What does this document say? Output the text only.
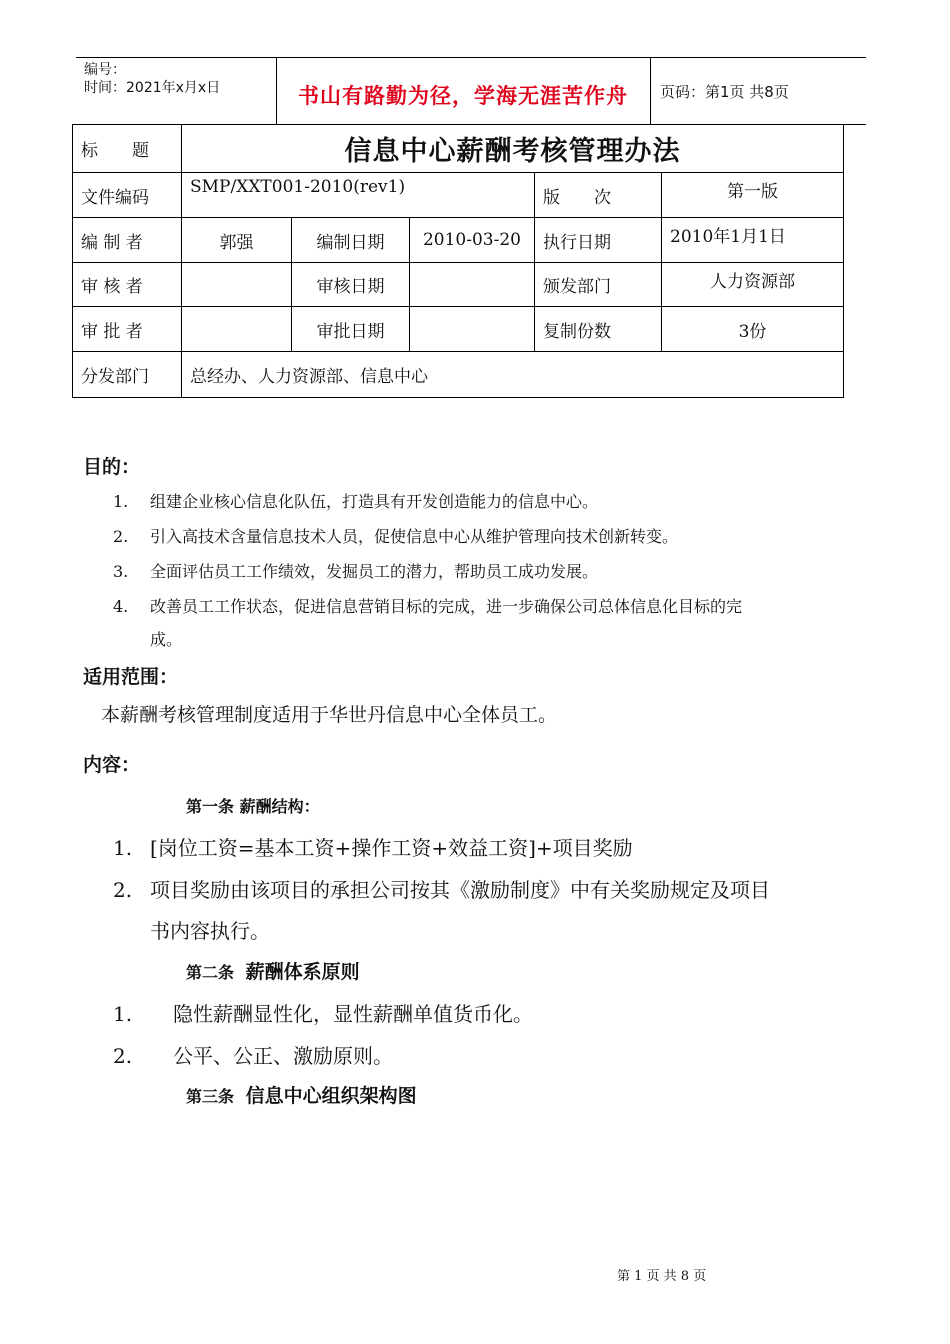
编号：
时间：2021年x月x日	书山有路勤为径，学海无涯苦作舟 页码：第1页 共8页
标　　题	信息中心薪酬考核管理办法				
文件编码	SMP/XXT001-2010(rev1)			版　　次	第一版
编 制 者	郭强	编制日期	2010-03-20	执行日期	2010年1月1日
审 核 者		审核日期		颁发部门	人力资源部
审 批 者		审批日期		复制份数	3份
分发部门	总经办、人力资源部、信息中心				
目的：
1. 组建企业核心信息化队伍，打造具有开发创造能力的信息中心。
2. 引入高技术含量信息技术人员，促使信息中心从维护管理向技术创新转变。
3. 全面评估员工工作绩效，发掘员工的潜力，帮助员工成功发展。
4. 改善员工工作状态，促进信息营销目标的完成，进一步确保公司总体信息化目标的完
成。
适用范围：
本薪酬考核管理制度适用于华世丹信息中心全体员工。
内容：
第一条 薪酬结构：
1. [岗位工资=基本工资+操作工资+效益工资]+项目奖励
2. 项目奖励由该项目的承担公司按其《激励制度》中有关奖励规定及项目
书内容执行。
第二条 薪酬体系原则
1. 隐性薪酬显性化，显性薪酬单值货币化。
2. 公平、公正、激励原则。
第三条 信息中心组织架构图
第 1 页 共 8 页
